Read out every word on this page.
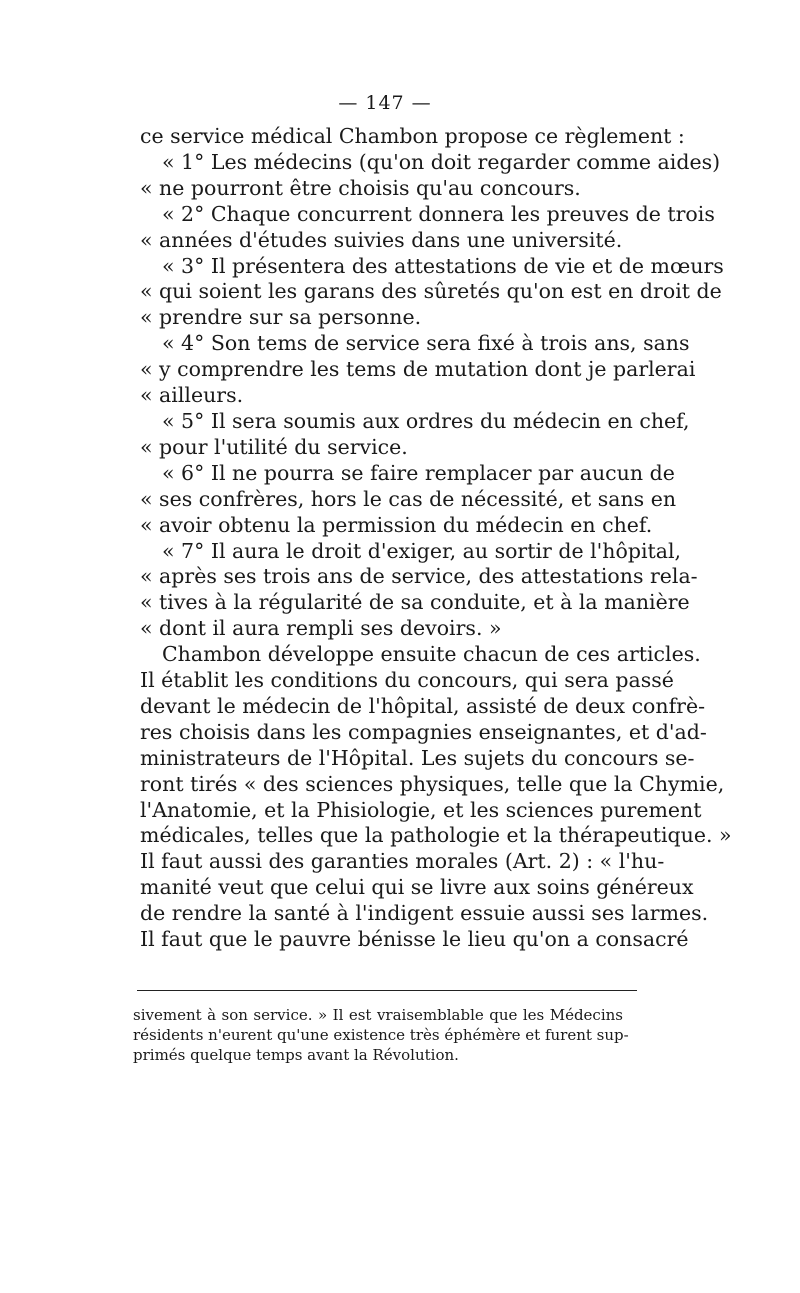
— 147 —
ce service médical Chambon propose ce règlement :
« 1° Les médecins (qu'on doit regarder comme aides)
« ne pourront être choisis qu'au concours.
« 2° Chaque concurrent donnera les preuves de trois
« années d'études suivies dans une université.
« 3° Il présentera des attestations de vie et de mœurs
« qui soient les garans des sûretés qu'on est en droit de
« prendre sur sa personne.
« 4° Son tems de service sera fixé à trois ans, sans
« y comprendre les tems de mutation dont je parlerai
« ailleurs.
« 5° Il sera soumis aux ordres du médecin en chef,
« pour l'utilité du service.
« 6° Il ne pourra se faire remplacer par aucun de
« ses confrères, hors le cas de nécessité, et sans en
« avoir obtenu la permission du médecin en chef.
« 7° Il aura le droit d'exiger, au sortir de l'hôpital,
« après ses trois ans de service, des attestations rela-
« tives à la régularité de sa conduite, et à la manière
« dont il aura rempli ses devoirs. »
Chambon développe ensuite chacun de ces articles.
Il établit les conditions du concours, qui sera passé
devant le médecin de l'hôpital, assisté de deux confrè-
res choisis dans les compagnies enseignantes, et d'ad-
ministrateurs de l'Hôpital. Les sujets du concours se-
ront tirés « des sciences physiques, telle que la Chymie,
l'Anatomie, et la Phisiologie, et les sciences purement
médicales, telles que la pathologie et la thérapeutique. »
Il faut aussi des garanties morales (Art. 2) : « l'hu-
manité veut que celui qui se livre aux soins généreux
de rendre la santé à l'indigent essuie aussi ses larmes.
Il faut que le pauvre bénisse le lieu qu'on a consacré
sivement à son service. » Il est vraisemblable que les Médecins
résidents n'eurent qu'une existence très éphémère et furent sup-
primés quelque temps avant la Révolution.
